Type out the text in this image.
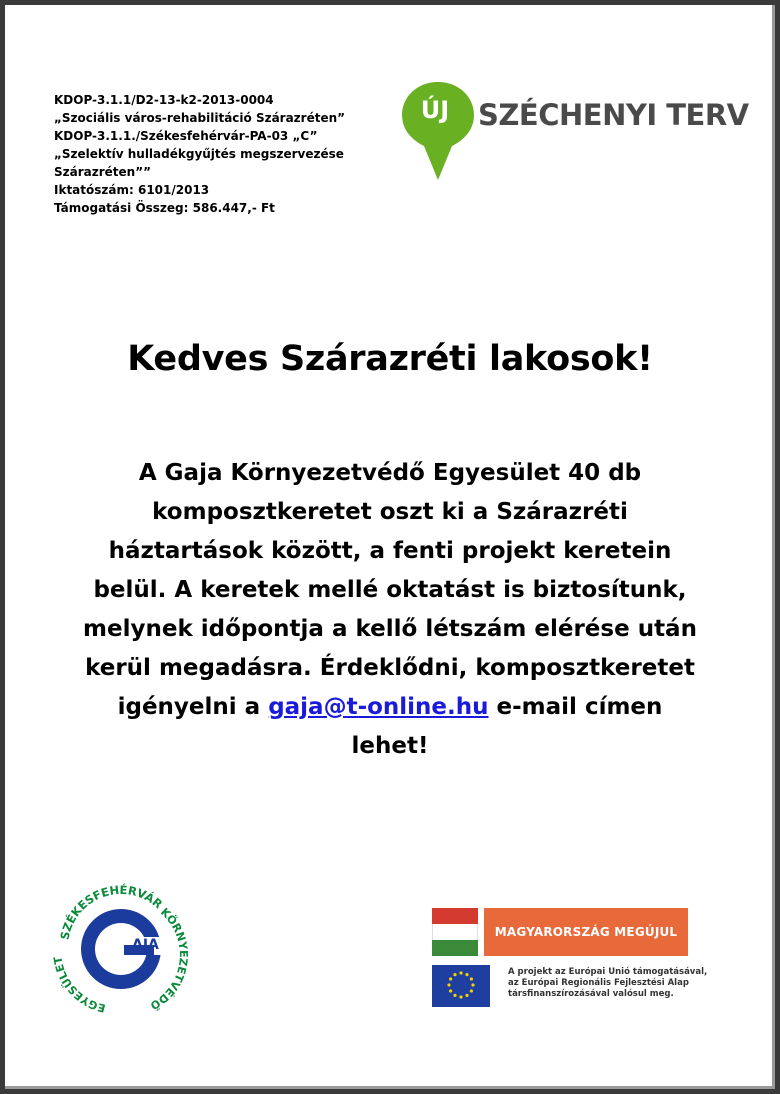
KDOP-3.1.1/D2-13-k2-2013-0004
„Szociális város-rehabilitáció Szárazréten”
KDOP-3.1.1./Székesfehérvár-PA-03 „C”
„Szelektív hulladékgyűjtés megszervezése
Szárazréten””
Iktatószám: 6101/2013
Támogatási Összeg: 586.447,- Ft
ÚJ SZÉCHENYI TERV
Kedves Szárazréti lakosok!
A Gaja Környezetvédő Egyesület 40 db
komposztkeretet oszt ki a Szárazréti
háztartások között, a fenti projekt keretein
belül. A keretek mellé oktatást is biztosítunk,
melynek időpontja a kellő létszám elérése után
kerül megadásra. Érdeklődni, komposztkeretet
igényelni a gaja@t-online.hu e-mail címen
lehet!
SZÉKESFEHÉRVÁR
KÖRNYEZETVÉDŐ
EGYESÜLET
AJA
G
MAGYARORSZÁG MEGÚJUL
A projekt az Európai Unió támogatásával,
az Európai Regionális Fejlesztési Alap
társfinanszírozásával valósul meg.
